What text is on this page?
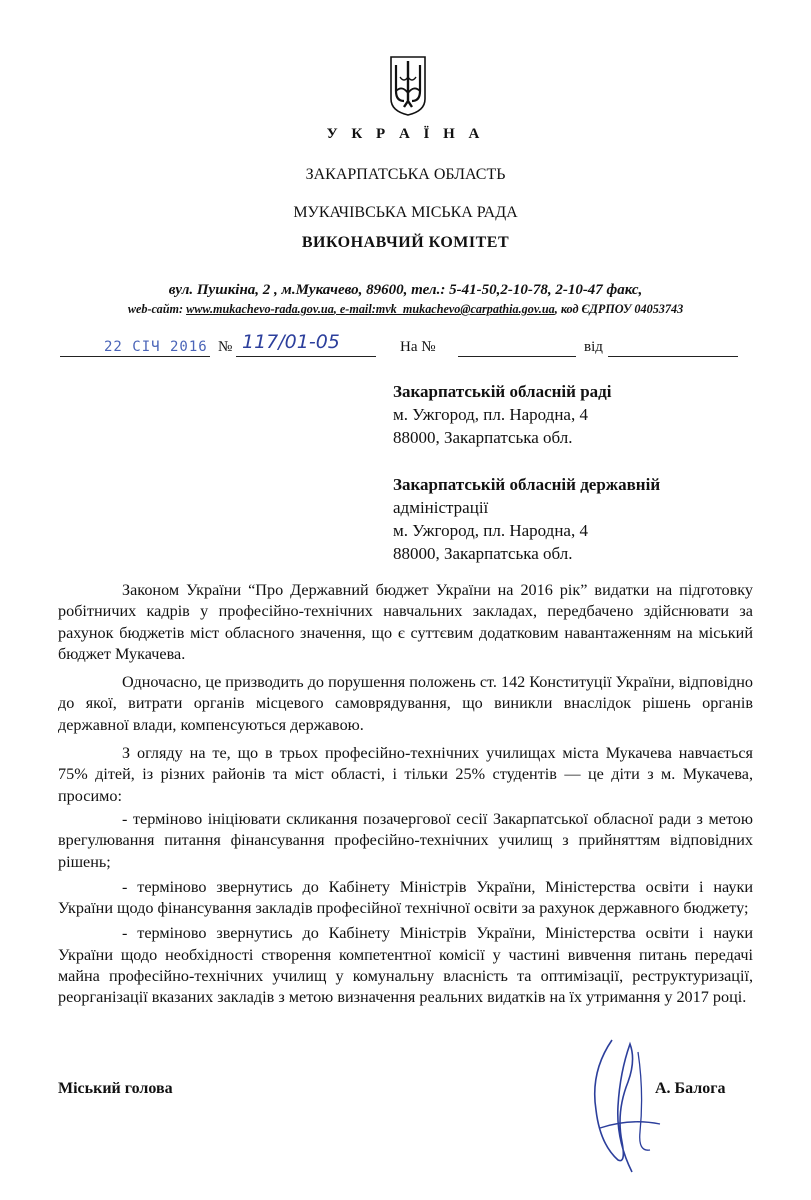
У К Р А Ї Н А
ЗАКАРПАТСЬКА ОБЛАСТЬ
МУКАЧІВСЬКА МІСЬКА РАДА
ВИКОНАВЧИЙ КОМІТЕТ
вул. Пушкіна, 2 , м.Мукачево, 89600, тел.: 5-41-50,2-10-78, 2-10-47 факс,
web-сайт: www.mukachevo-rada.gov.ua, e-mail:mvk_mukachevo@carpathia.gov.ua, код ЄДРПОУ 04053743
22 СІЧ 2016 № 117/01-05	На №	від
Закарпатській обласній раді
м. Ужгород, пл. Народна, 4
88000, Закарпатська обл.
Закарпатській обласній державній
адміністрації
м. Ужгород, пл. Народна, 4
88000, Закарпатська обл.

Законом України “Про Державний бюджет України на 2016 рік” видатки на підготовку робітничих кадрів у професійно-технічних навчальних закладах, передбачено здійснювати за рахунок бюджетів міст обласного значення, що є суттєвим додатковим навантаженням на міський бюджет Мукачева.

Одночасно, це призводить до порушення положень ст. 142 Конституції України, відповідно до якої, витрати органів місцевого самоврядування, що виникли внаслідок рішень органів державної влади, компенсуються державою.

З огляду на те, що в трьох професійно-технічних училищах міста Мукачева навчається 75% дітей, із різних районів та міст області, і тільки 25% студентів — це діти з м. Мукачева, просимо:

- терміново ініціювати скликання позачергової сесії Закарпатської обласної ради з метою врегулювання питання фінансування професійно-технічних училищ з прийняттям відповідних рішень;

- терміново звернутись до Кабінету Міністрів України, Міністерства освіти і науки України щодо фінансування закладів професійної технічної освіти за рахунок державного бюджету;

- терміново звернутись до Кабінету Міністрів України, Міністерства освіти і науки України щодо необхідності створення компетентної комісії у частині вивчення питань передачі майна професійно-технічних училищ у комунальну власність та оптимізації, реструктуризації, реорганізації вказаних закладів з метою визначення реальних видатків на їх утримання у 2017 році.

Міський голова	А. Балога
